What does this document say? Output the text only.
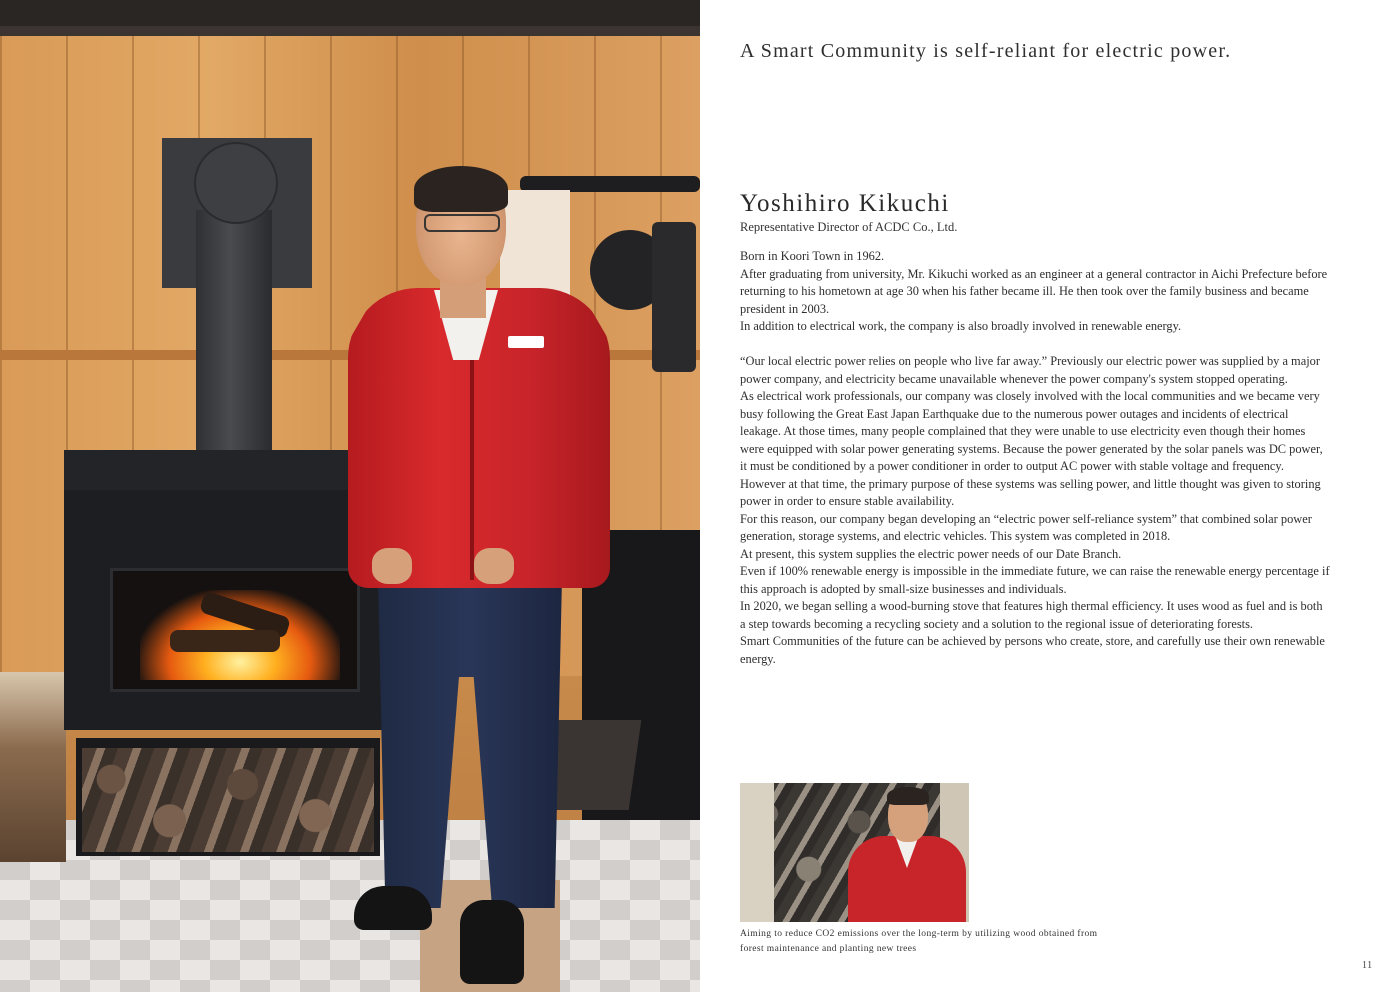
A Smart Community is self-reliant for electric power.
Yoshihiro Kikuchi

Representative Director of ACDC Co., Ltd.

Born in Koori Town in 1962.

After graduating from university, Mr. Kikuchi worked as an engineer at a general contractor in Aichi Prefecture before returning to his hometown at age 30 when his father became ill. He then took over the family business and became president in 2003.

In addition to electrical work, the company is also broadly involved in renewable energy.

“Our local electric power relies on people who live far away.” Previously our electric power was supplied by a major power company, and electricity became unavailable whenever the power company's system stopped operating.

As electrical work professionals, our company was closely involved with the local communities and we became very busy following the Great East Japan Earthquake due to the numerous power outages and incidents of electrical leakage. At those times, many people complained that they were unable to use electricity even though their homes were equipped with solar power generating systems. Because the power generated by the solar panels was DC power, it must be conditioned by a power conditioner in order to output AC power with stable voltage and frequency. However at that time, the primary purpose of these systems was selling power, and little thought was given to storing power in order to ensure stable availability.

For this reason, our company began developing an “electric power self-reliance system” that combined solar power generation, storage systems, and electric vehicles. This system was completed in 2018.

At present, this system supplies the electric power needs of our Date Branch.

Even if 100% renewable energy is impossible in the immediate future, we can raise the renewable energy percentage if this approach is adopted by small-size businesses and individuals.

In 2020, we began selling a wood-burning stove that features high thermal efficiency. It uses wood as fuel and is both a step towards becoming a recycling society and a solution to the regional issue of deteriorating forests.

Smart Communities of the future can be achieved by persons who create, store, and carefully use their own renewable energy.

Aiming to reduce CO2 emissions over the long-term by utilizing wood obtained from

forest maintenance and planting new trees

11
